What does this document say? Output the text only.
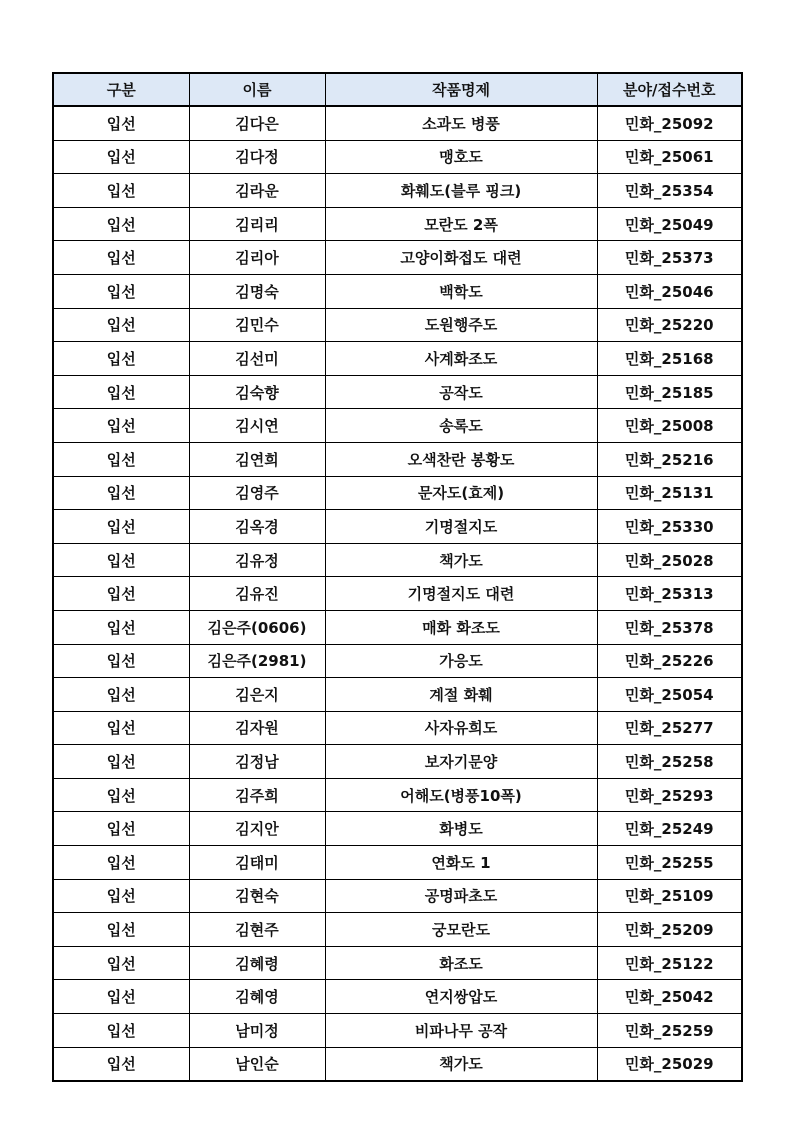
구분	이름	작품명제	분야/접수번호
입선	김다은	소과도 병풍	민화_25092
입선	김다정	맹호도	민화_25061
입선	김라운	화훼도(블루 핑크)	민화_25354
입선	김리리	모란도 2폭	민화_25049
입선	김리아	고양이화접도 대련	민화_25373
입선	김명숙	백학도	민화_25046
입선	김민수	도원행주도	민화_25220
입선	김선미	사계화조도	민화_25168
입선	김숙향	공작도	민화_25185
입선	김시연	송록도	민화_25008
입선	김연희	오색찬란 봉황도	민화_25216
입선	김영주	문자도(효제)	민화_25131
입선	김옥경	기명절지도	민화_25330
입선	김유정	책가도	민화_25028
입선	김유진	기명절지도 대련	민화_25313
입선	김은주(0606)	매화 화조도	민화_25378
입선	김은주(2981)	가응도	민화_25226
입선	김은지	계절 화훼	민화_25054
입선	김자원	사자유희도	민화_25277
입선	김정남	보자기문양	민화_25258
입선	김주희	어해도(병풍10폭)	민화_25293
입선	김지안	화병도	민화_25249
입선	김태미	연화도 1	민화_25255
입선	김현숙	공명파초도	민화_25109
입선	김현주	궁모란도	민화_25209
입선	김혜령	화조도	민화_25122
입선	김혜영	연지쌍압도	민화_25042
입선	남미정	비파나무 공작	민화_25259
입선	남인순	책가도	민화_25029
